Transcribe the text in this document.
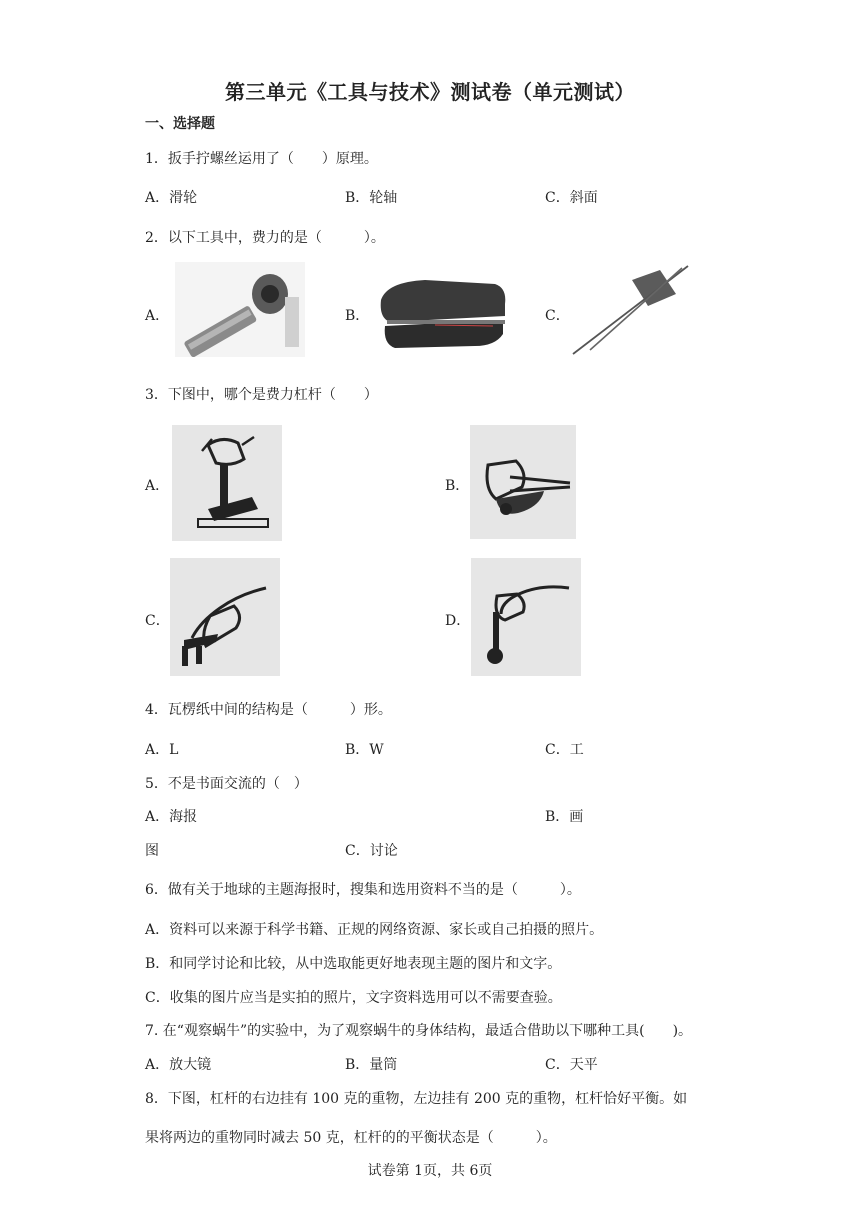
第三单元《工具与技术》测试卷（单元测试）
一、选择题
1．扳手拧螺丝运用了（　　）原理。
A．滑轮	B．轮轴	C．斜面
2．以下工具中，费力的是（　　　）。
A．	B．	C．
3．下图中，哪个是费力杠杆（　　）
A．	B．
C．	D．
4．瓦楞纸中间的结构是（　　　）形。
A．L	B．W	C．工
5．不是书面交流的（　）
A．海报	B．画
图	C．讨论
6．做有关于地球的主题海报时，搜集和选用资料不当的是（　　　）。
A．资料可以来源于科学书籍、正规的网络资源、家长或自己拍摄的照片。
B．和同学讨论和比较，从中选取能更好地表现主题的图片和文字。
C．收集的图片应当是实拍的照片，文字资料选用可以不需要查验。
7. 在“观察蜗牛”的实验中，为了观察蜗牛的身体结构，最适合借助以下哪种工具(　　)。
A．放大镜	B．量筒	C．天平
8．下图，杠杆的右边挂有 100 克的重物，左边挂有 200 克的重物，杠杆恰好平衡。如
果将两边的重物同时减去 50 克，杠杆的的平衡状态是（　　　）。
试卷第 1页，共 6页
